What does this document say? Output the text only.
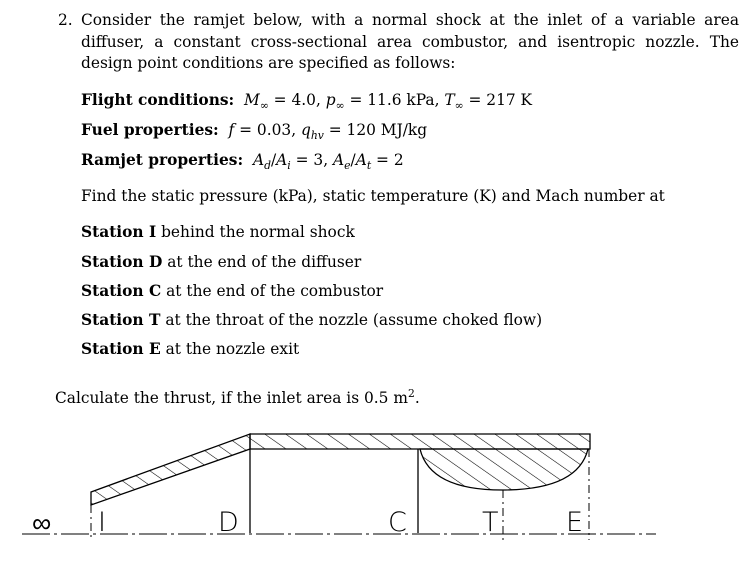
2. Consider the ramjet below, with a normal shock at the inlet of a variable area diffuser, a constant cross-sectional area combustor, and isentropic nozzle. The design point conditions are specified as follows:
Flight conditions: $M_\infty = 4.0$, $p_\infty = 11.6$ kPa, $T_\infty = 217$ K
Fuel properties: f = 0.03, $q_{hv} = 120$ MJ/kg
Ramjet properties: $A_d/A_i = 3$, $A_e/A_t = 2$
Find the static pressure (kPa), static temperature (K) and Mach number at
Station I behind the normal shock
Station D at the end of the diffuser
Station C at the end of the combustor
Station T at the throat of the nozzle (assume choked flow)
Station E at the nozzle exit
Calculate the thrust, if the inlet area is 0.5 $m^2$.
∞ I	D	C	T	E
